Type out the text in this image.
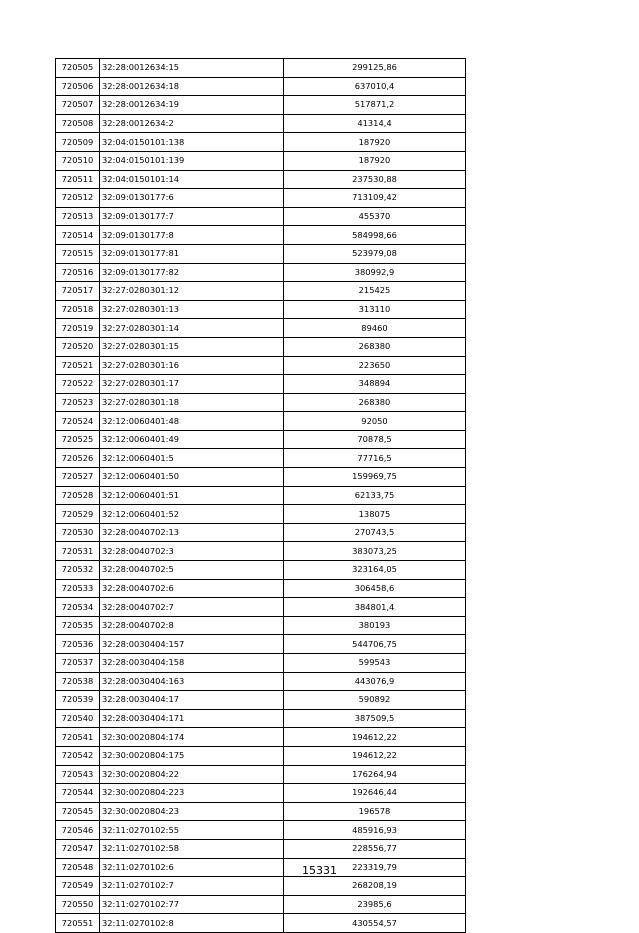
720505	32:28:0012634:15	299125,86
720506	32:28:0012634:18	637010,4
720507	32:28:0012634:19	517871,2
720508	32:28:0012634:2	41314,4
720509	32:04:0150101:138	187920
720510	32:04:0150101:139	187920
720511	32:04:0150101:14	237530,88
720512	32:09:0130177:6	713109,42
720513	32:09:0130177:7	455370
720514	32:09:0130177:8	584998,66
720515	32:09:0130177:81	523979,08
720516	32:09:0130177:82	380992,9
720517	32:27:0280301:12	215425
720518	32:27:0280301:13	313110
720519	32:27:0280301:14	89460
720520	32:27:0280301:15	268380
720521	32:27:0280301:16	223650
720522	32:27:0280301:17	348894
720523	32:27:0280301:18	268380
720524	32:12:0060401:48	92050
720525	32:12:0060401:49	70878,5
720526	32:12:0060401:5	77716,5
720527	32:12:0060401:50	159969,75
720528	32:12:0060401:51	62133,75
720529	32:12:0060401:52	138075
720530	32:28:0040702:13	270743,5
720531	32:28:0040702:3	383073,25
720532	32:28:0040702:5	323164,05
720533	32:28:0040702:6	306458,6
720534	32:28:0040702:7	384801,4
720535	32:28:0040702:8	380193
720536	32:28:0030404:157	544706,75
720537	32:28:0030404:158	599543
720538	32:28:0030404:163	443076,9
720539	32:28:0030404:17	590892
720540	32:28:0030404:171	387509,5
720541	32:30:0020804:174	194612,22
720542	32:30:0020804:175	194612,22
720543	32:30:0020804:22	176264,94
720544	32:30:0020804:223	192646,44
720545	32:30:0020804:23	196578
720546	32:11:0270102:55	485916,93
720547	32:11:0270102:58	228556,77
720548	32:11:0270102:6	223319,79
720549	32:11:0270102:7	268208,19
720550	32:11:0270102:77	23985,6
720551	32:11:0270102:8	430554,57
15331
